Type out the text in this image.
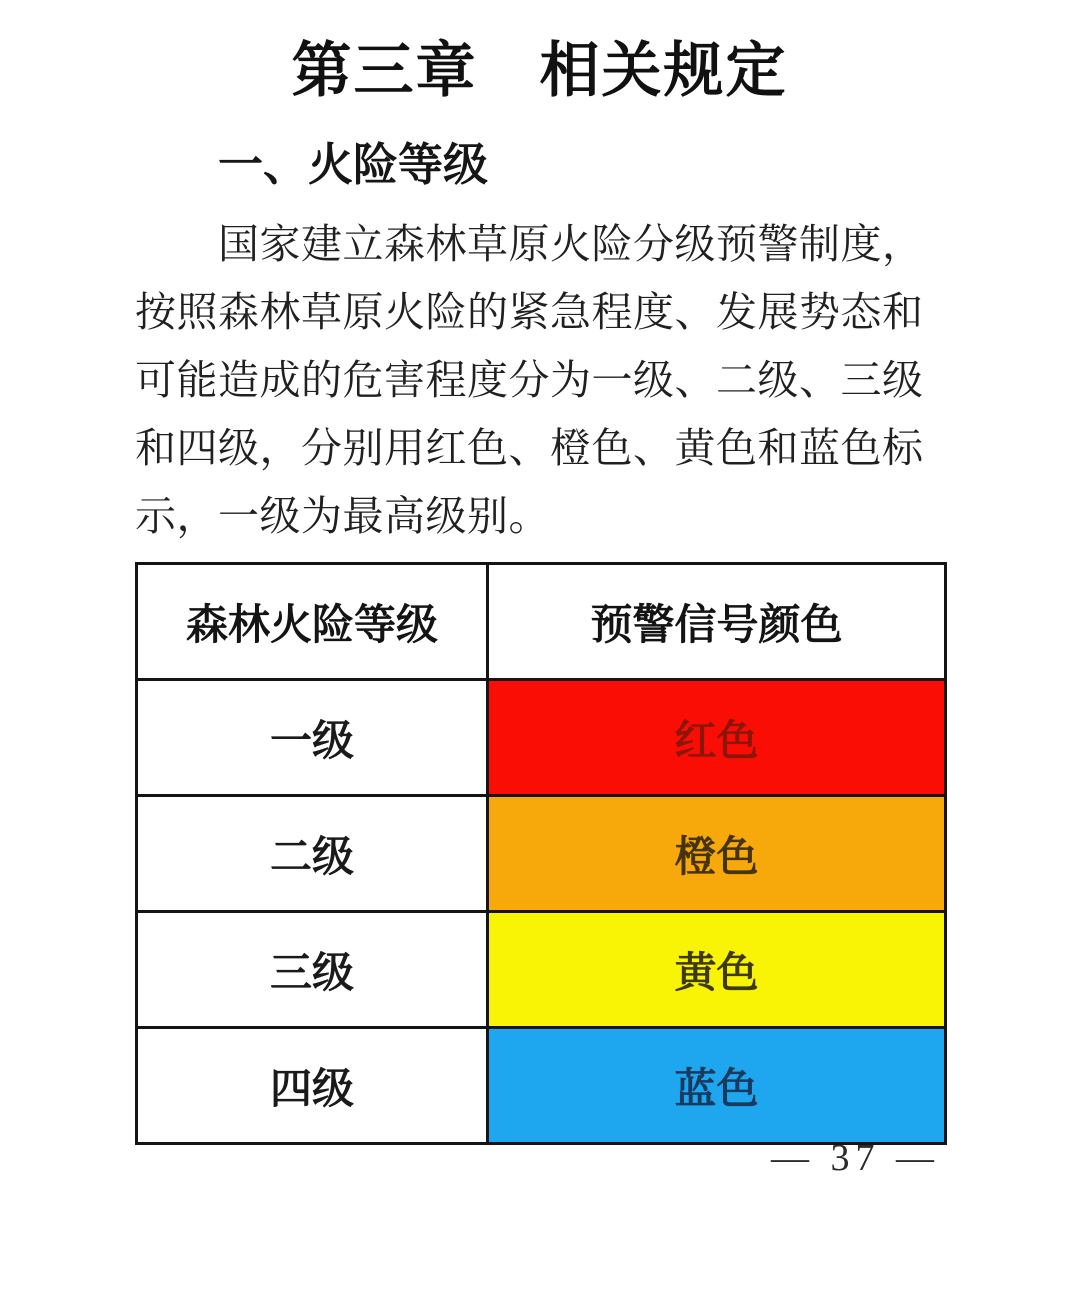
第三章　相关规定
一、火险等级
国家建立森林草原火险分级预警制度，
按照森林草原火险的紧急程度、发展势态和
可能造成的危害程度分为一级、二级、三级
和四级，分别用红色、橙色、黄色和蓝色标
示，一级为最高级别。
森林火险等级	预警信号颜色
一级	红色
二级	橙色
三级	黄色
四级	蓝色
— 37 —
